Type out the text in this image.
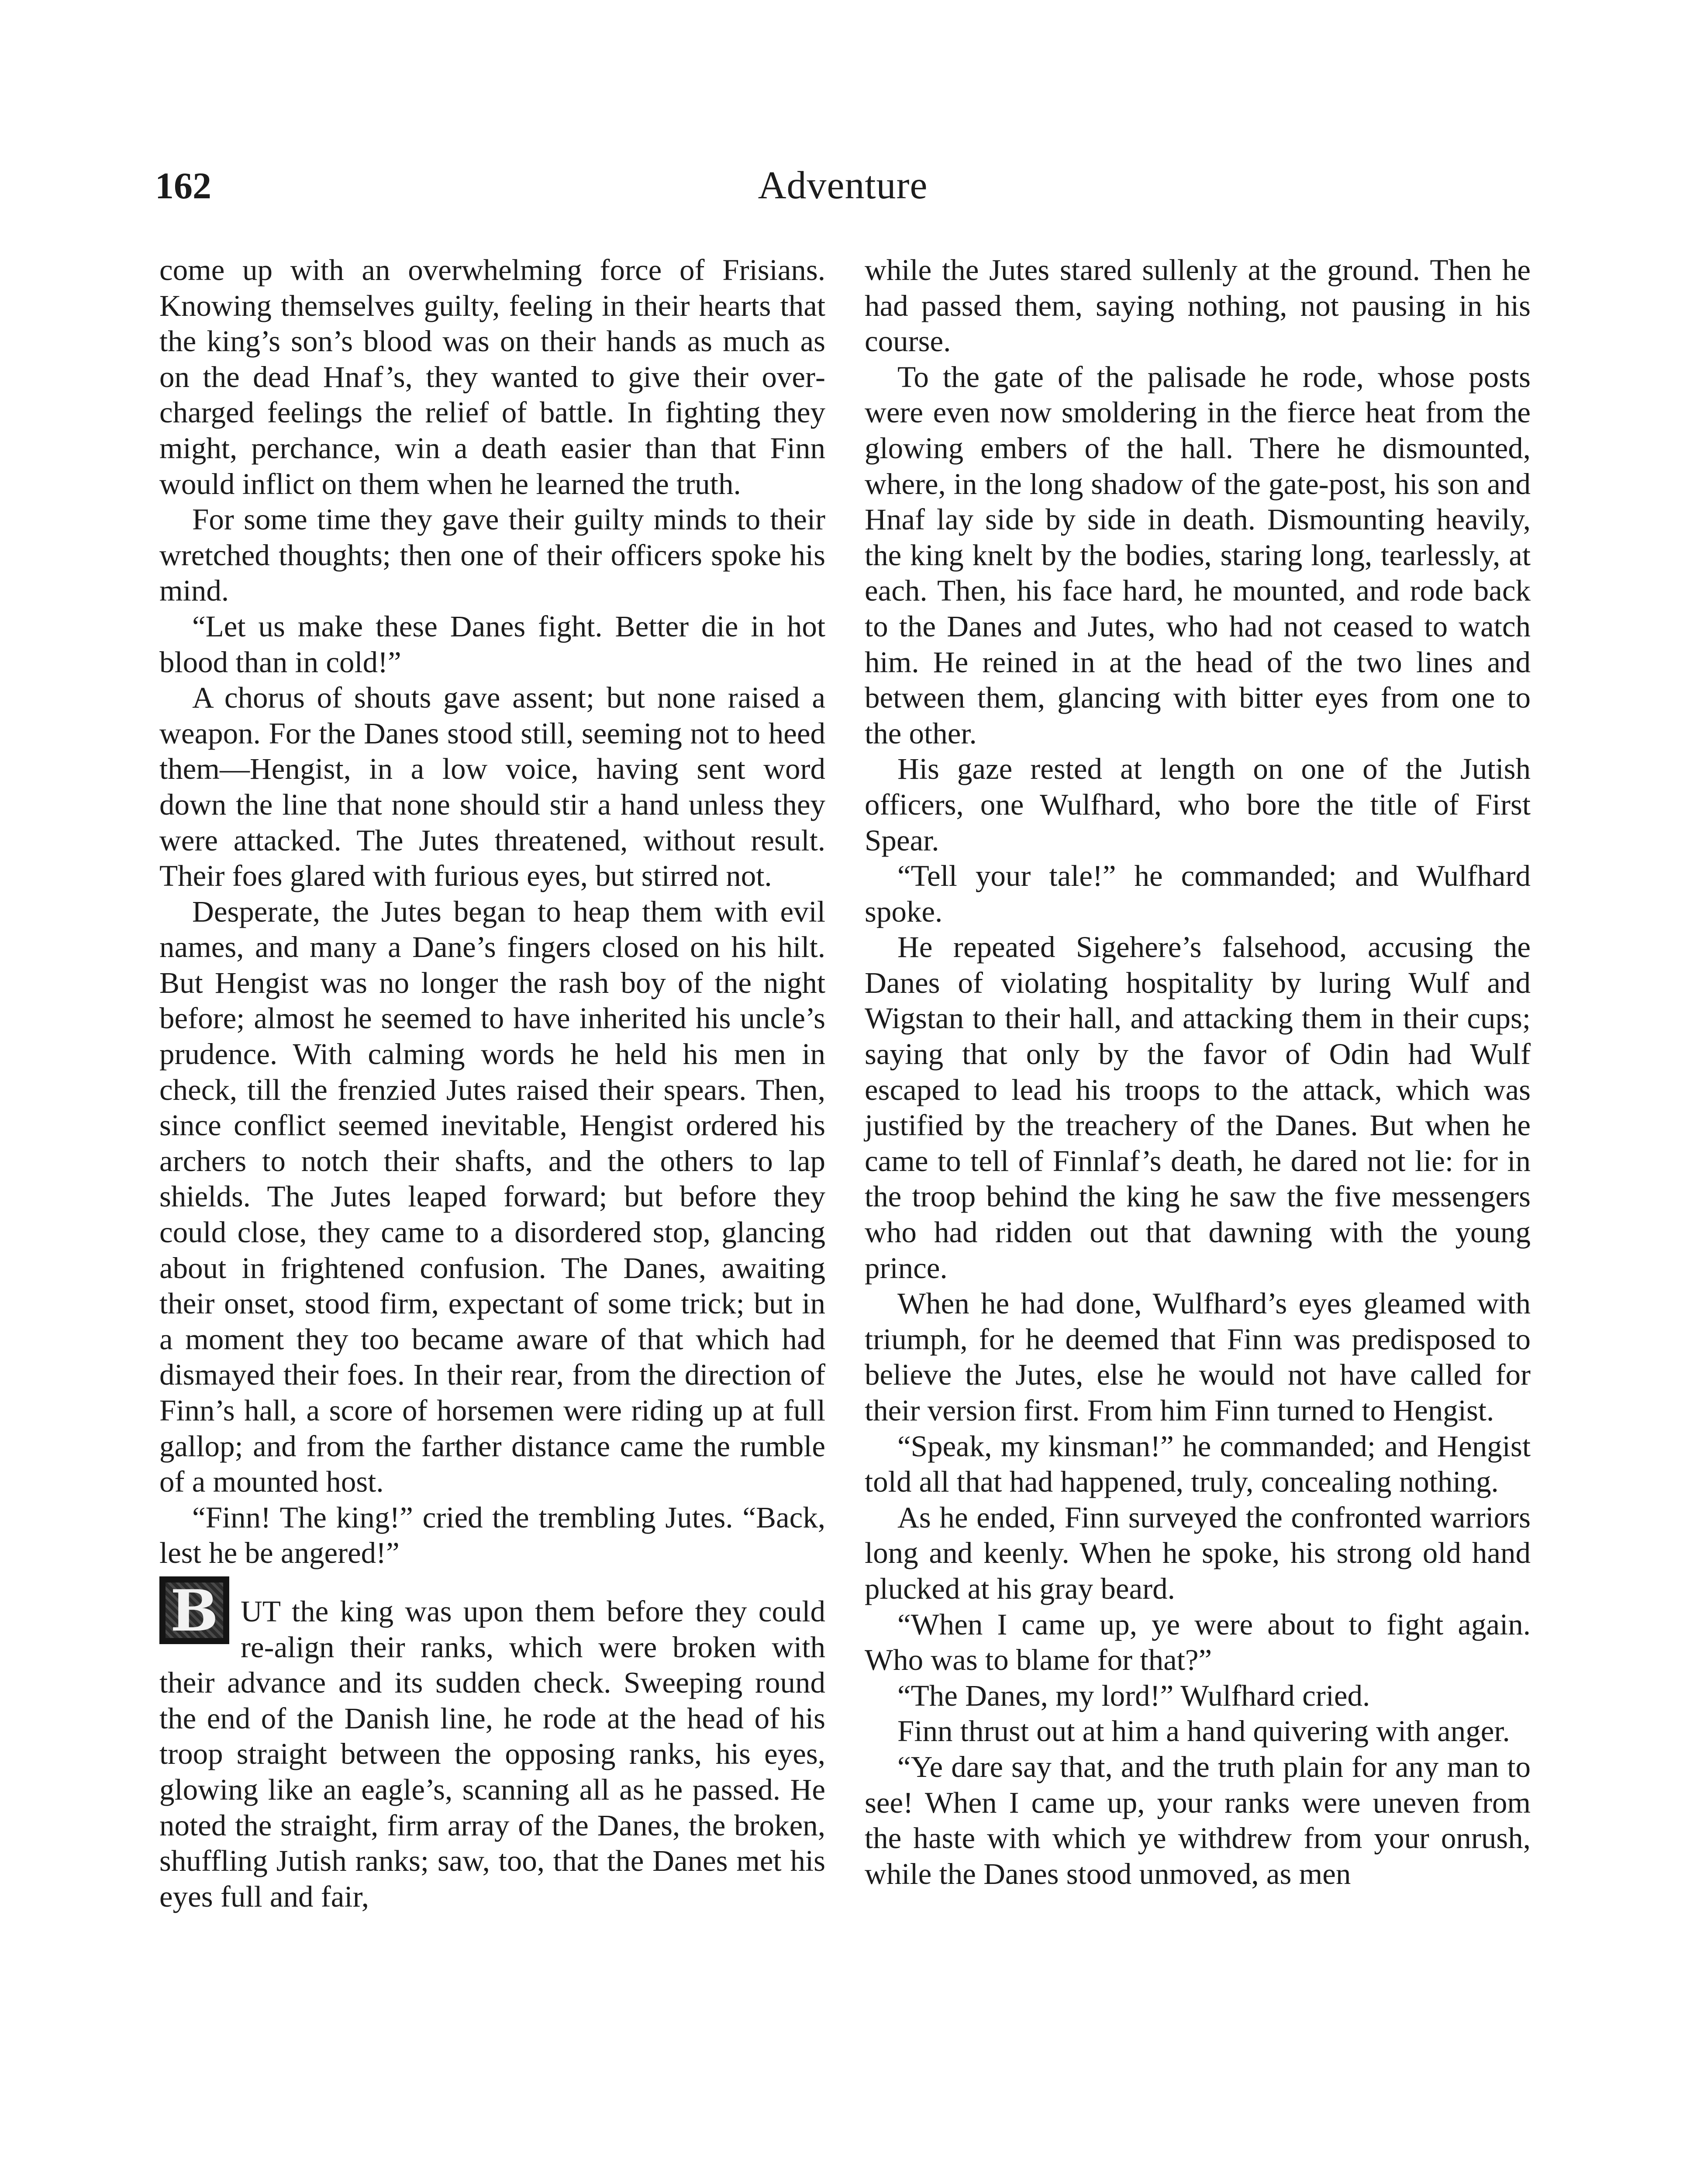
162	Adventure

come up with an overwhelming force of Frisians. Knowing themselves guilty, feeling in their hearts that the king’s son’s blood was on their hands as much as on the dead Hnaf’s, they wanted to give their overcharged feelings the relief of battle. In fighting they might, perchance, win a death easier than that Finn would inflict on them when he learned the truth.

For some time they gave their guilty minds to their wretched thoughts; then one of their officers spoke his mind.

“Let us make these Danes fight. Better die in hot blood than in cold!”

A chorus of shouts gave assent; but none raised a weapon. For the Danes stood still, seeming not to heed them—Hengist, in a low voice, having sent word down the line that none should stir a hand unless they were attacked. The Jutes threatened, without result. Their foes glared with furious eyes, but stirred not.

Desperate, the Jutes began to heap them with evil names, and many a Dane’s fingers closed on his hilt. But Hengist was no longer the rash boy of the night before; almost he seemed to have inherited his uncle’s prudence. With calming words he held his men in check, till the frenzied Jutes raised their spears. Then, since conflict seemed inevitable, Hengist ordered his archers to notch their shafts, and the others to lap shields. The Jutes leaped forward; but before they could close, they came to a disordered stop, glancing about in frightened confusion. The Danes, awaiting their onset, stood firm, expectant of some trick; but in a moment they too became aware of that which had dismayed their foes. In their rear, from the direction of Finn’s hall, a score of horsemen were riding up at full gallop; and from the farther distance came the rumble of a mounted host.

“Finn! The king!” cried the trembling Jutes. “Back, lest he be angered!”

B UT the king was upon them before they could re-align their ranks, which were broken with their advance and its sudden check. Sweeping round the end of the Danish line, he rode at the head of his troop straight between the opposing ranks, his eyes, glowing like an eagle’s, scanning all as he passed. He noted the straight, firm array of the Danes, the broken, shuffling Jutish ranks; saw, too, that the Danes met his eyes full and fair,

while the Jutes stared sullenly at the ground. Then he had passed them, saying nothing, not pausing in his course.

To the gate of the palisade he rode, whose posts were even now smoldering in the fierce heat from the glowing embers of the hall. There he dismounted, where, in the long shadow of the gate-post, his son and Hnaf lay side by side in death. Dismounting heavily, the king knelt by the bodies, staring long, tearlessly, at each. Then, his face hard, he mounted, and rode back to the Danes and Jutes, who had not ceased to watch him. He reined in at the head of the two lines and between them, glancing with bitter eyes from one to the other.

His gaze rested at length on one of the Jutish officers, one Wulfhard, who bore the title of First Spear.

“Tell your tale!” he commanded; and Wulfhard spoke.

He repeated Sigehere’s falsehood, accusing the Danes of violating hospitality by luring Wulf and Wigstan to their hall, and attacking them in their cups; saying that only by the favor of Odin had Wulf escaped to lead his troops to the attack, which was justified by the treachery of the Danes. But when he came to tell of Finnlaf’s death, he dared not lie: for in the troop behind the king he saw the five messengers who had ridden out that dawning with the young prince.

When he had done, Wulfhard’s eyes gleamed with triumph, for he deemed that Finn was predisposed to believe the Jutes, else he would not have called for their version first. From him Finn turned to Hengist.

“Speak, my kinsman!” he commanded; and Hengist told all that had happened, truly, concealing nothing.

As he ended, Finn surveyed the confronted warriors long and keenly. When he spoke, his strong old hand plucked at his gray beard.

“When I came up, ye were about to fight again. Who was to blame for that?”

“The Danes, my lord!” Wulfhard cried.

Finn thrust out at him a hand quivering with anger.

“Ye dare say that, and the truth plain for any man to see! When I came up, your ranks were uneven from the haste with which ye withdrew from your onrush, while the Danes stood unmoved, as men
